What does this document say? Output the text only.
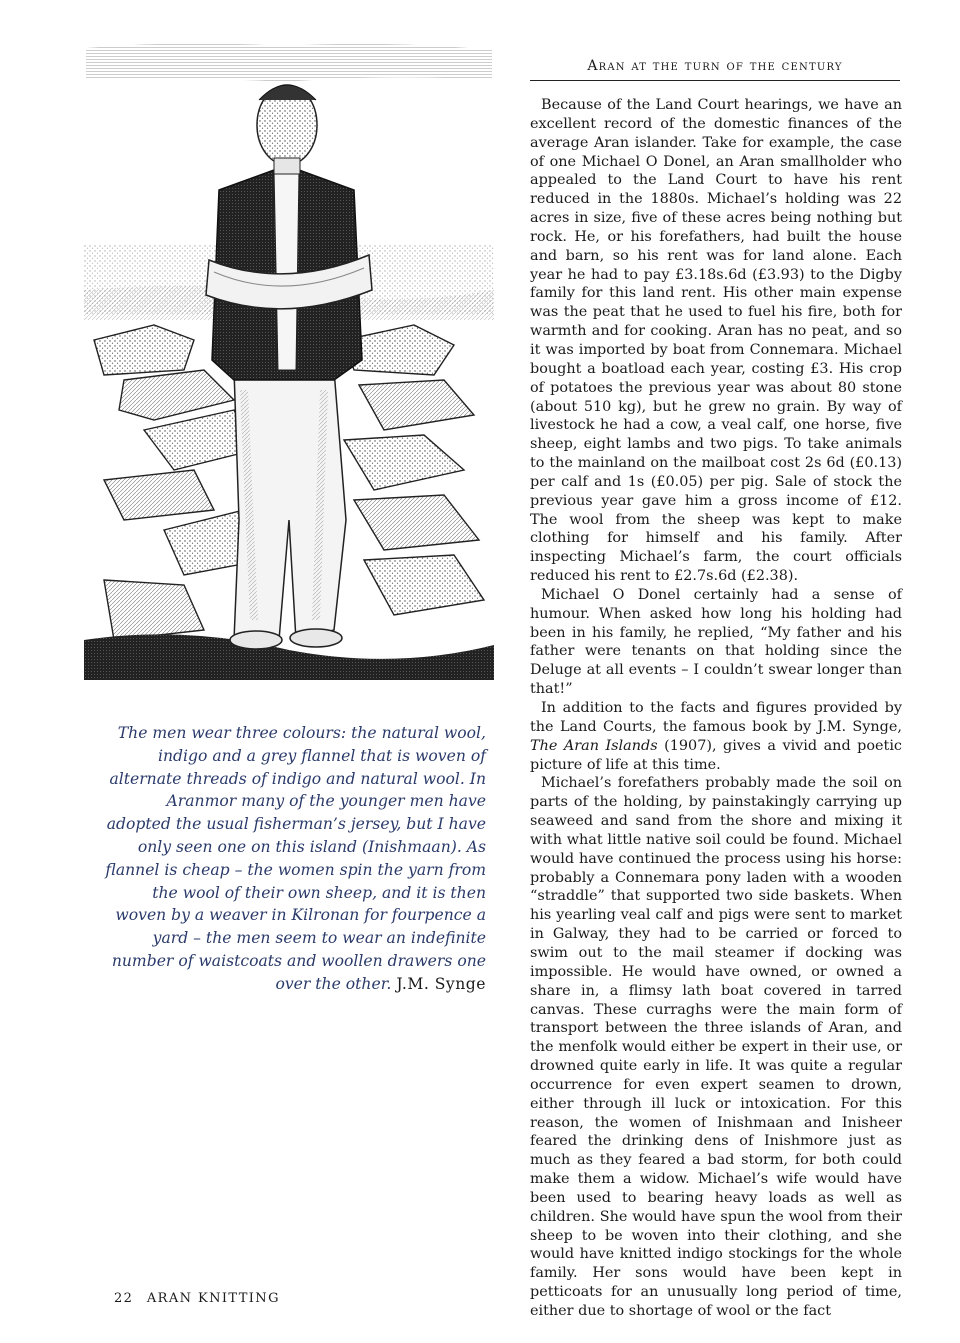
The men wear three colours: the natural wool, indigo and a grey flannel that is woven of alternate threads of indigo and natural wool. In Aranmor many of the younger men have adopted the usual fisherman’s jersey, but I have only seen one on this island (Inishmaan). As flannel is cheap – the women spin the yarn from the wool of their own sheep, and it is then woven by a weaver in Kilronan for fourpence a yard – the men seem to wear an indefinite number of waistcoats and woollen drawers one over the other. J.M. Synge
Aran at the turn of the century

Because of the Land Court hearings, we have an excellent record of the domestic finances of the average Aran islander. Take for example, the case of one Michael O Donel, an Aran smallholder who appealed to the Land Court to have his rent reduced in the 1880s. Michael’s holding was 22 acres in size, five of these acres being nothing but rock. He, or his forefathers, had built the house and barn, so his rent was for land alone. Each year he had to pay £3.18s.6d (£3.93) to the Digby family for this land rent. His other main expense was the peat that he used to fuel his fire, both for warmth and for cooking. Aran has no peat, and so it was imported by boat from Connemara. Michael bought a boatload each year, costing £3. His crop of potatoes the previous year was about 80 stone (about 510 kg), but he grew no grain. By way of livestock he had a cow, a veal calf, one horse, five sheep, eight lambs and two pigs. To take animals to the mainland on the mailboat cost 2s 6d (£0.13) per calf and 1s (£0.05) per pig. Sale of stock the previous year gave him a gross income of £12. The wool from the sheep was kept to make clothing for himself and his family. After inspecting Michael’s farm, the court officials reduced his rent to £2.7s.6d (£2.38).

Michael O Donel certainly had a sense of humour. When asked how long his holding had been in his family, he replied, “My father and his father were tenants on that holding since the Deluge at all events – I couldn’t swear longer than that!”

In addition to the facts and figures provided by the Land Courts, the famous book by J.M. Synge, The Aran Islands (1907), gives a vivid and poetic picture of life at this time.

Michael’s forefathers probably made the soil on parts of the holding, by painstakingly carrying up seaweed and sand from the shore and mixing it with what little native soil could be found. Michael would have continued the process using his horse: probably a Connemara pony laden with a wooden “straddle” that supported two side baskets. When his yearling veal calf and pigs were sent to market in Galway, they had to be carried or forced to swim out to the mail steamer if docking was impossible. He would have owned, or owned a share in, a flimsy lath boat covered in tarred canvas. These curraghs were the main form of transport between the three islands of Aran, and the menfolk would either be expert in their use, or drowned quite early in life. It was quite a regular occurrence for even expert seamen to drown, either through ill luck or intoxication. For this reason, the women of Inishmaan and Inisheer feared the drinking dens of Inishmore just as much as they feared a bad storm, for both could make them a widow. Michael’s wife would have been used to bearing heavy loads as well as children. She would have spun the wool from their sheep to be woven into their clothing, and she would have knitted indigo stockings for the whole family. Her sons would have been kept in petticoats for an unusually long period of time, either due to shortage of wool or the fact

22 ARAN KNITTING
